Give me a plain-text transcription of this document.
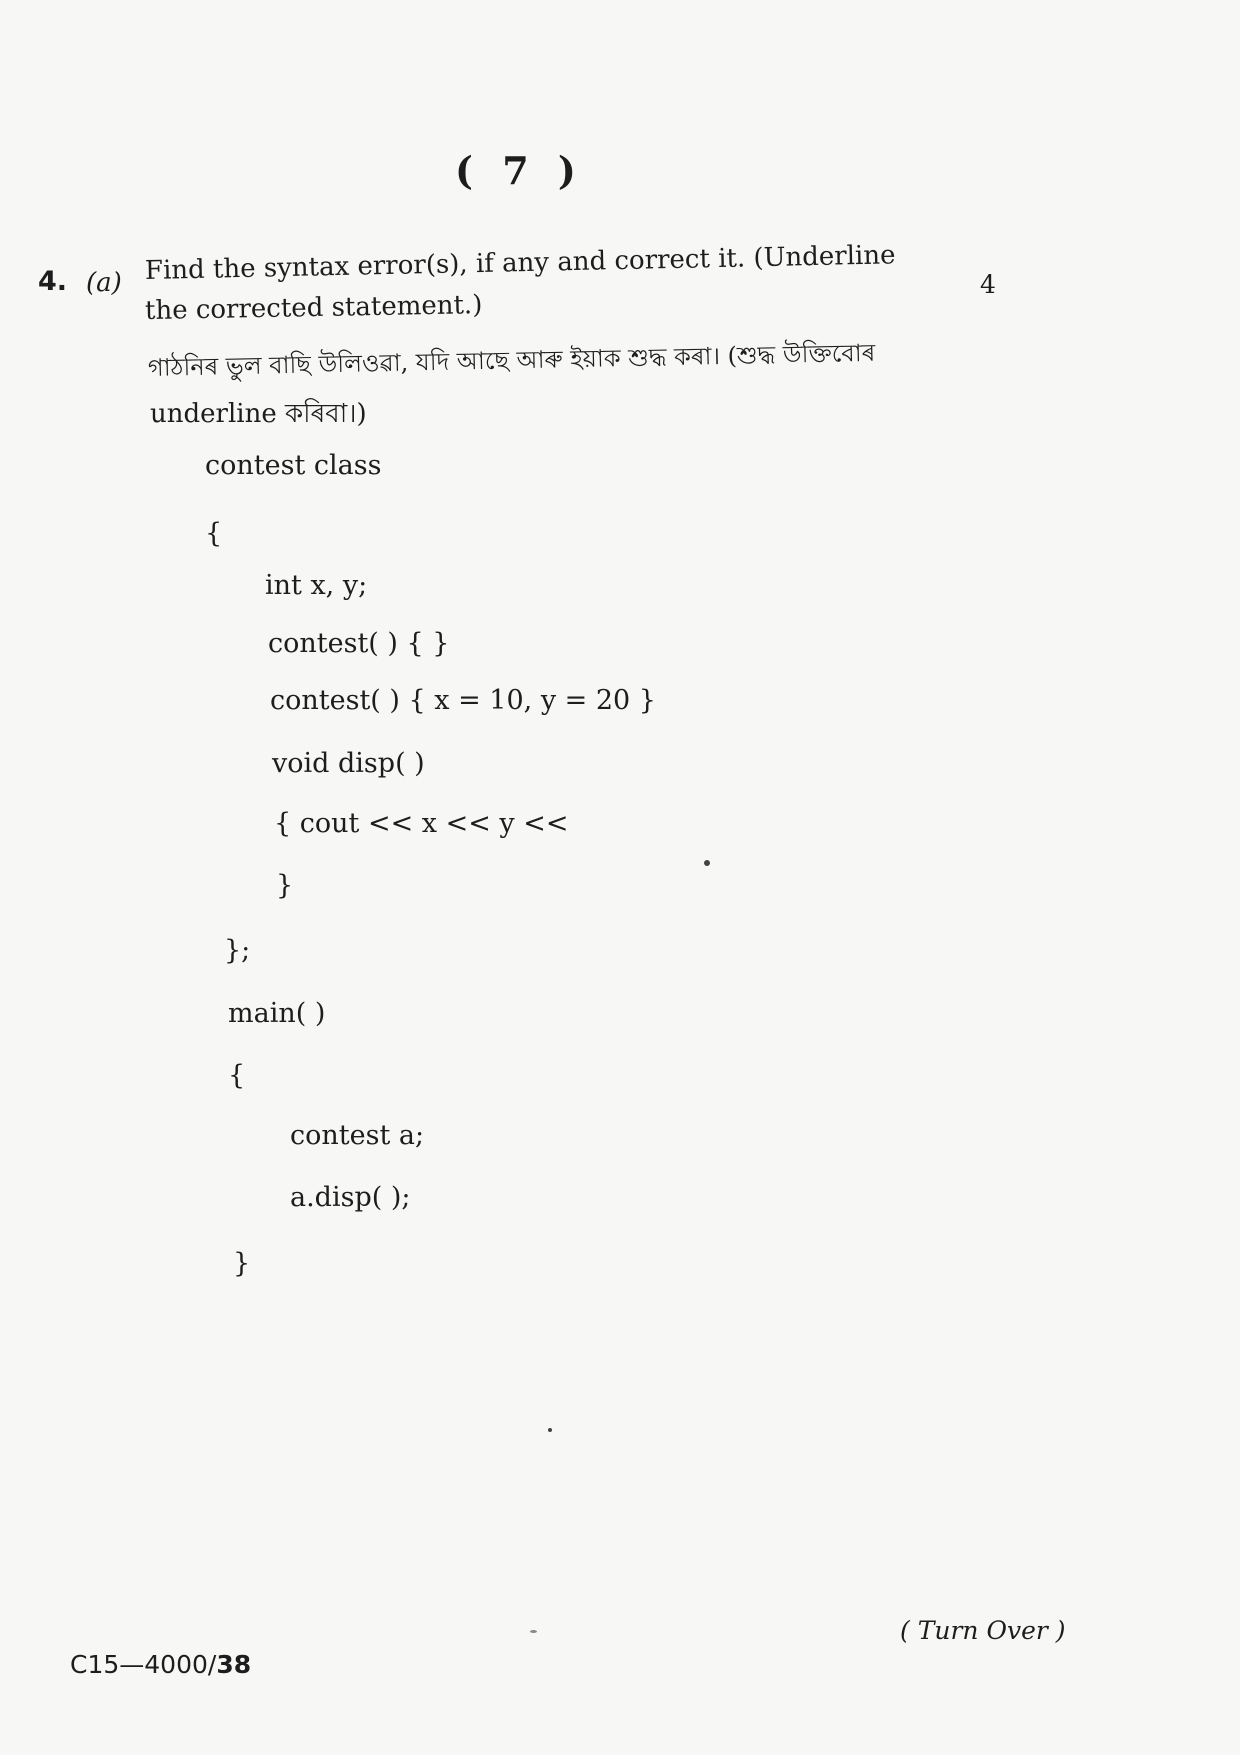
( 7 )
4. (a)	4
Find the syntax error(s), if any and correct it. (Underline
the corrected statement.)
গাঠনিৰ ভুল বাছি উলিওৱা, যদি আছে আৰু ইয়াক শুদ্ধ কৰা। (শুদ্ধ উক্তিবোৰ
underline কৰিবা।)
contest class
{
int x, y;
contest( ) { }
contest( ) { x = 10, y = 20 }
void disp( )
{ cout << x << y <<
}
};
main( )
{
contest a;
a.disp( );
}
( Turn Over )
C15—4000/38
